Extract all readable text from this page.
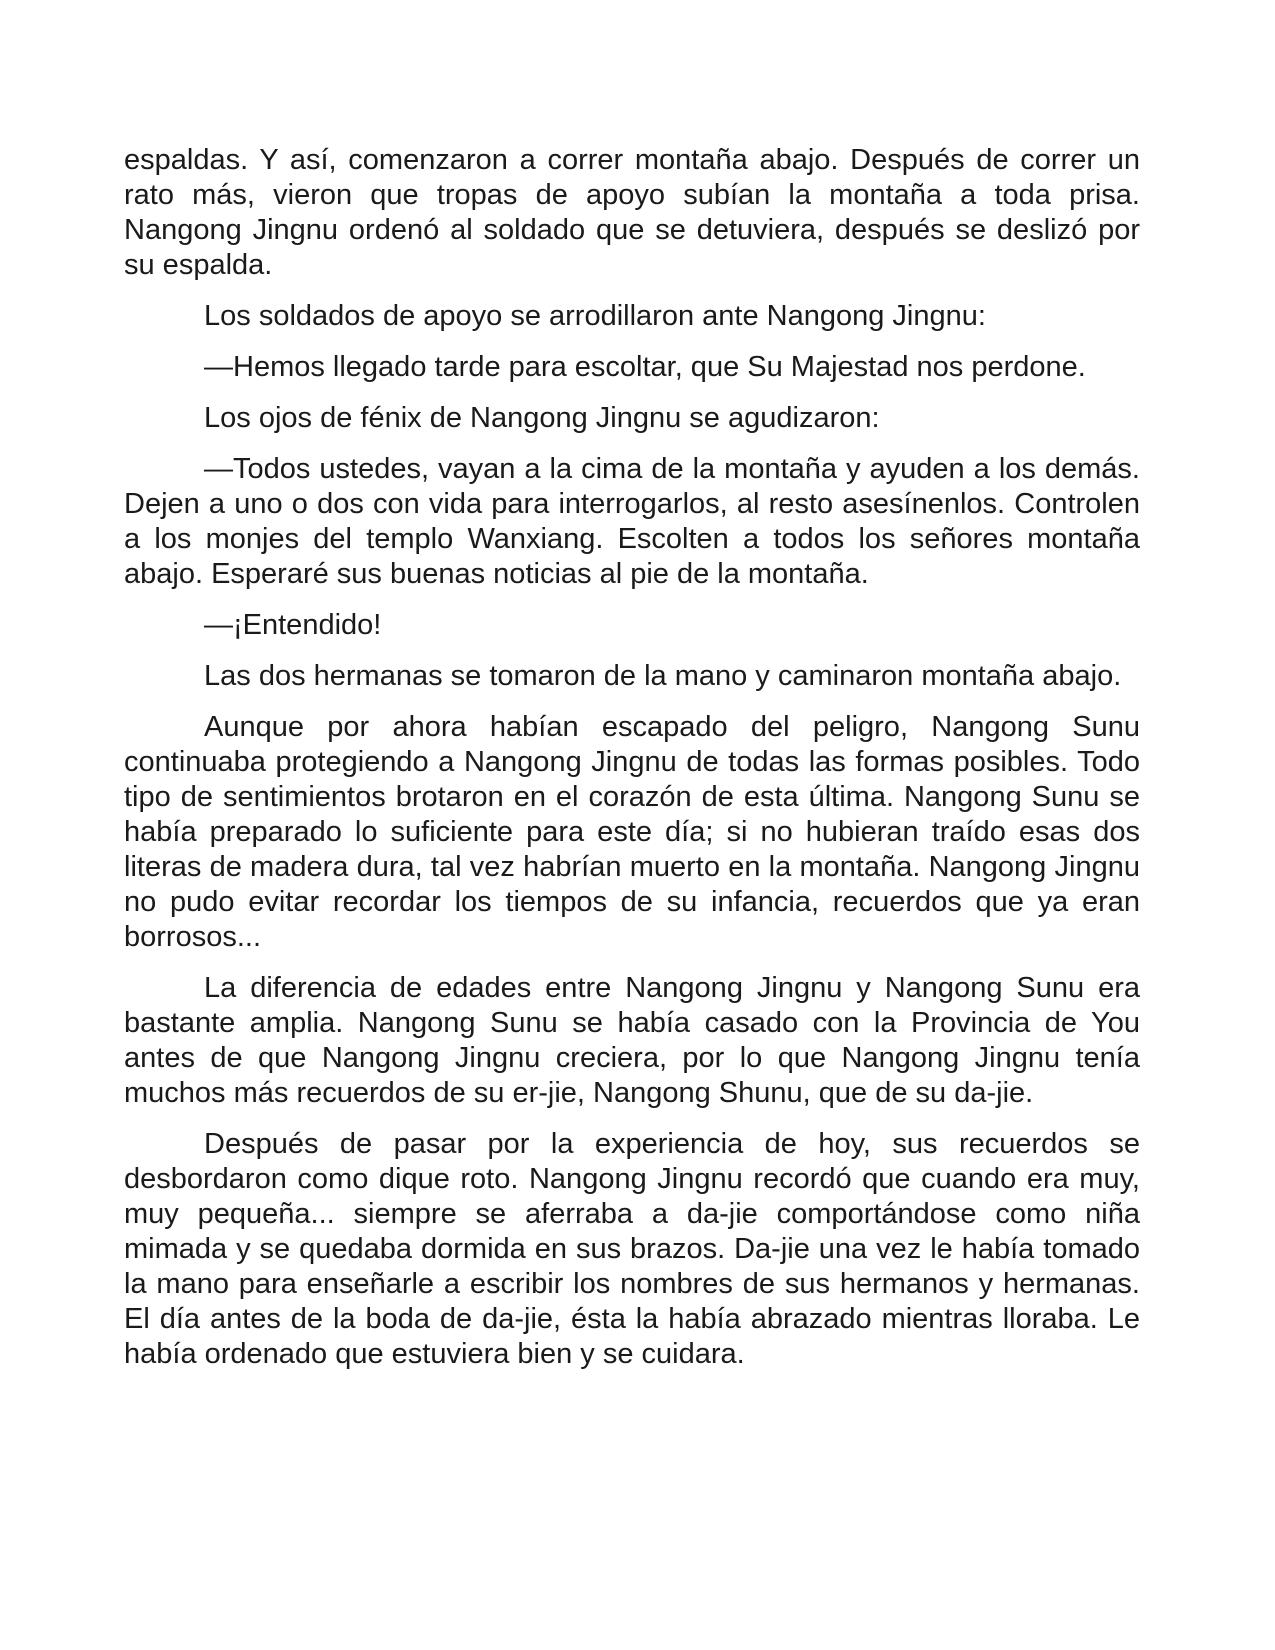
espaldas. Y así, comenzaron a correr montaña abajo. Después de correr un rato más, vieron que tropas de apoyo subían la montaña a toda prisa. Nangong Jingnu ordenó al soldado que se detuviera, después se deslizó por su espalda.

Los soldados de apoyo se arrodillaron ante Nangong Jingnu:

—Hemos llegado tarde para escoltar, que Su Majestad nos perdone.

Los ojos de fénix de Nangong Jingnu se agudizaron:

—Todos ustedes, vayan a la cima de la montaña y ayuden a los demás. Dejen a uno o dos con vida para interrogarlos, al resto asesínenlos. Controlen a los monjes del templo Wanxiang. Escolten a todos los señores montaña abajo. Esperaré sus buenas noticias al pie de la montaña.

—¡Entendido!

Las dos hermanas se tomaron de la mano y caminaron montaña abajo.

Aunque por ahora habían escapado del peligro, Nangong Sunu continuaba protegiendo a Nangong Jingnu de todas las formas posibles. Todo tipo de sentimientos brotaron en el corazón de esta última. Nangong Sunu se había preparado lo suficiente para este día; si no hubieran traído esas dos literas de madera dura, tal vez habrían muerto en la montaña. Nangong Jingnu no pudo evitar recordar los tiempos de su infancia, recuerdos que ya eran borrosos...

La diferencia de edades entre Nangong Jingnu y Nangong Sunu era bastante amplia. Nangong Sunu se había casado con la Provincia de You antes de que Nangong Jingnu creciera, por lo que Nangong Jingnu tenía muchos más recuerdos de su er-jie, Nangong Shunu, que de su da-jie.

Después de pasar por la experiencia de hoy, sus recuerdos se desbordaron como dique roto. Nangong Jingnu recordó que cuando era muy, muy pequeña... siempre se aferraba a da-jie comportándose como niña mimada y se quedaba dormida en sus brazos. Da-jie una vez le había tomado la mano para enseñarle a escribir los nombres de sus hermanos y hermanas. El día antes de la boda de da-jie, ésta la había abrazado mientras lloraba. Le había ordenado que estuviera bien y se cuidara.
